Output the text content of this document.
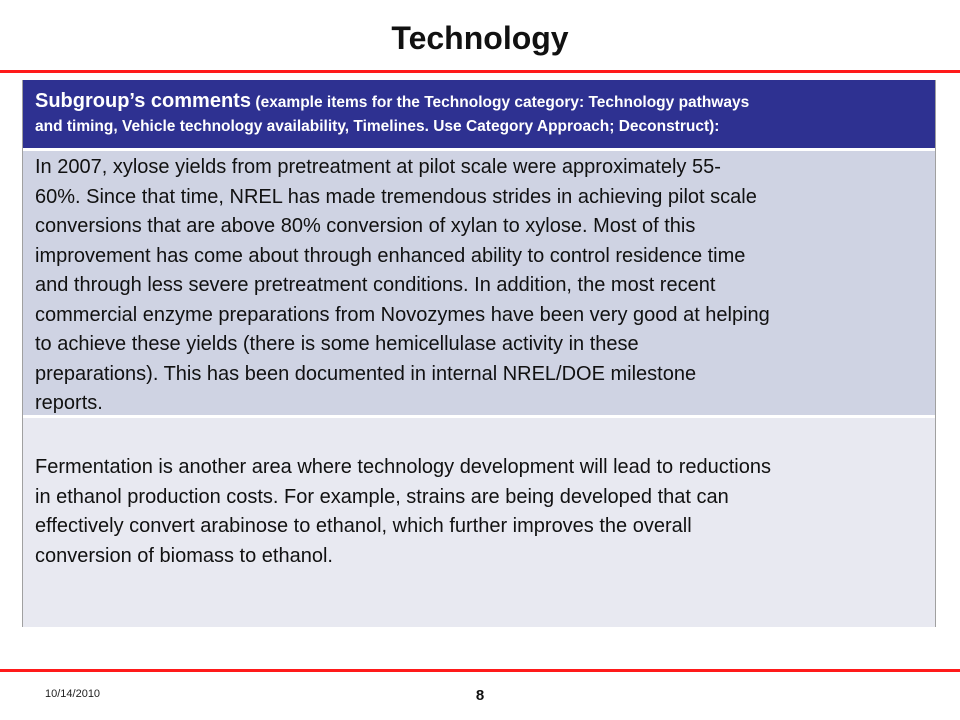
Technology
Subgroup’s comments (example items for the Technology category: Technology pathways
and timing, Vehicle technology availability, Timelines. Use Category Approach; Deconstruct):
In 2007, xylose yields from pretreatment at pilot scale were approximately 55-
60%. Since that time, NREL has made tremendous strides in achieving pilot scale
conversions that are above 80% conversion of xylan to xylose. Most of this
improvement has come about through enhanced ability to control residence time
and through less severe pretreatment conditions. In addition, the most recent
commercial enzyme preparations from Novozymes have been very good at helping
to achieve these yields (there is some hemicellulase activity in these
preparations). This has been documented in internal NREL/DOE milestone
reports.
Fermentation is another area where technology development will lead to reductions
in ethanol production costs. For example, strains are being developed that can
effectively convert arabinose to ethanol, which further improves the overall
conversion of biomass to ethanol.
10/14/2010	8
